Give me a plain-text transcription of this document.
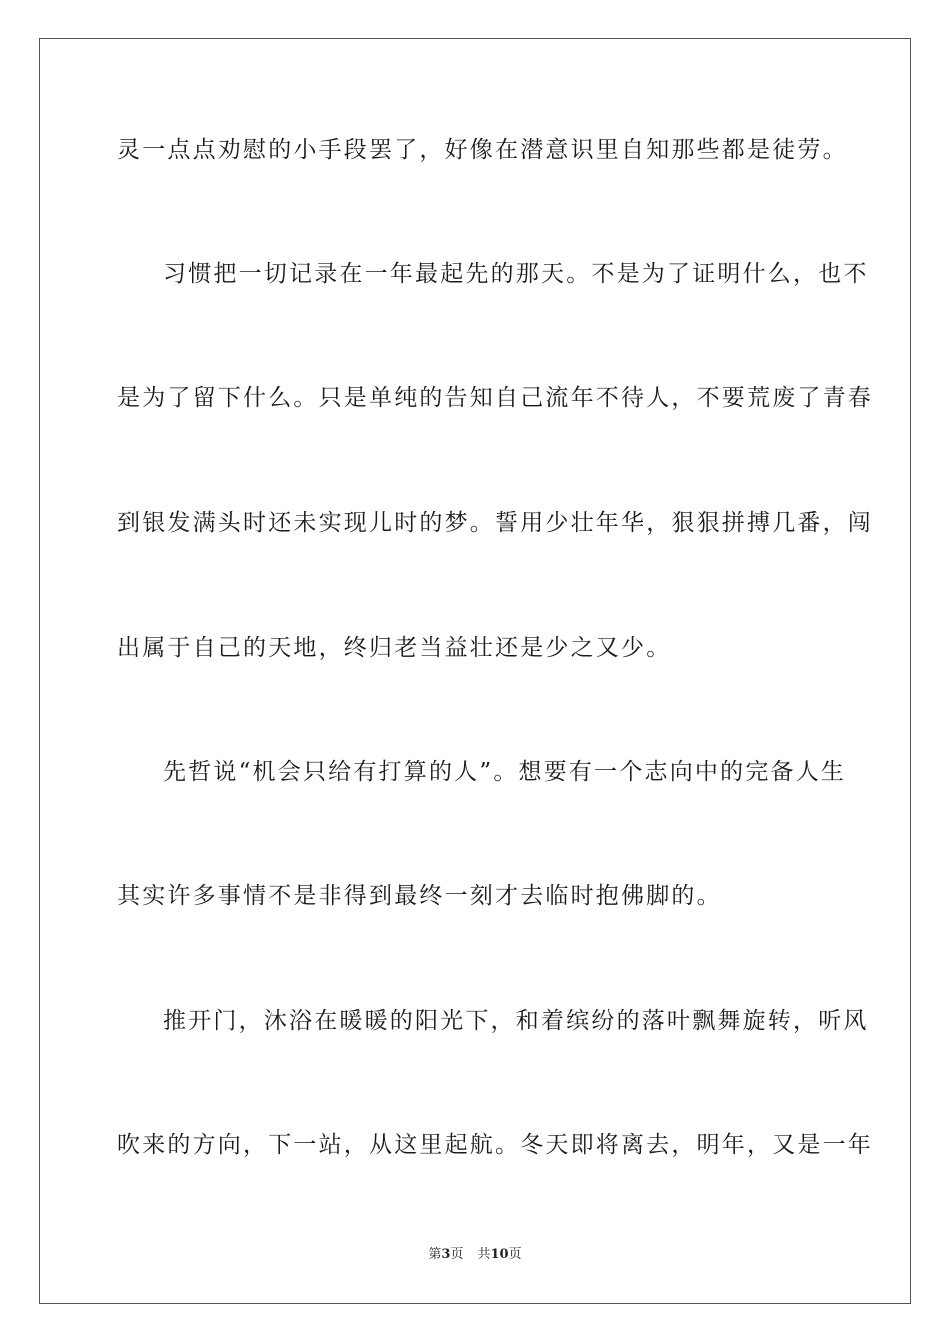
灵一点点劝慰的小手段罢了，好像在潜意识里自知那些都是徒劳。
习惯把一切记录在一年最起先的那天。不是为了证明什么，也不
是为了留下什么。只是单纯的告知自己流年不待人，不要荒废了青春
到银发满头时还未实现儿时的梦。誓用少壮年华，狠狠拼搏几番，闯
出属于自己的天地，终归老当益壮还是少之又少。
先哲说“机会只给有打算的人”。想要有一个志向中的完备人生
其实许多事情不是非得到最终一刻才去临时抱佛脚的。
推开门，沐浴在暖暖的阳光下，和着缤纷的落叶飘舞旋转，听风
吹来的方向，下一站，从这里起航。冬天即将离去，明年，又是一年
第3页 共10页
